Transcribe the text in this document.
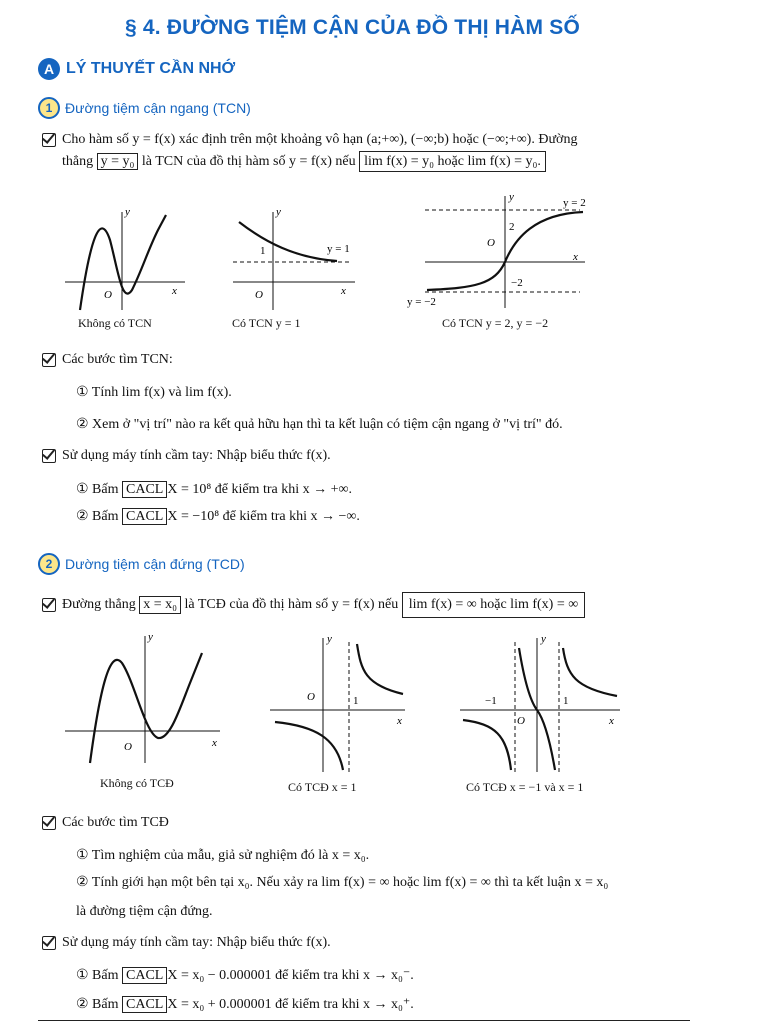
§ 4. ĐƯỜNG TIỆM CẬN CỦA ĐỒ THỊ HÀM SỐ
A LÝ THUYẾT CẦN NHỚ
1 Đường tiệm cận ngang (TCN)
Cho hàm số y = f(x) xác định trên một khoảng vô hạn (a;+∞), (−∞;b) hoặc (−∞;+∞). Đường
thẳng y = y₀ là TCN của đồ thị hàm số y = f(x) nếu lim f(x) = y₀ hoặc lim f(x) = y₀.
y
x
O
Không có TCN
y
x
O
1	y = 1
Có TCN y = 1
y
x
O
2
−2
y = 2
y = −2
Có TCN y = 2, y = −2
Các bước tìm TCN:
① Tính lim f(x) và lim f(x).
② Xem ở "vị trí" nào ra kết quả hữu hạn thì ta kết luận có tiệm cận ngang ở "vị trí" đó.
Sử dụng máy tính cầm tay: Nhập biểu thức f(x).
① Bấm CACL X = 10⁸ để kiểm tra khi x → +∞.
② Bấm CACL X = −10⁸ để kiểm tra khi x → −∞.
2 Dường tiệm cận đứng (TCD)
Đường thẳng
x = x₀
là TCĐ của đồ thị hàm số y = f(x) nếu
lim f(x) = ∞ hoặc lim f(x) = ∞
y
x
O
Không có TCĐ
y
x
O	1
Có TCĐ x = 1
y
x
O
−1	1
Có TCĐ x = −1 và x = 1
Các bước tìm TCĐ
① Tìm nghiệm của mẫu, giả sử nghiệm đó là x = x₀.
② Tính giới hạn một bên tại x₀. Nếu xảy ra lim f(x) = ∞ hoặc lim f(x) = ∞ thì ta kết luận x = x₀
là đường tiệm cận đứng.
Sử dụng máy tính cầm tay: Nhập biểu thức f(x).
① Bấm CACL X = x₀ − 0.000001 để kiểm tra khi x → x₀⁻.
② Bấm CACL X = x₀ + 0.000001 để kiểm tra khi x → x₀⁺.
